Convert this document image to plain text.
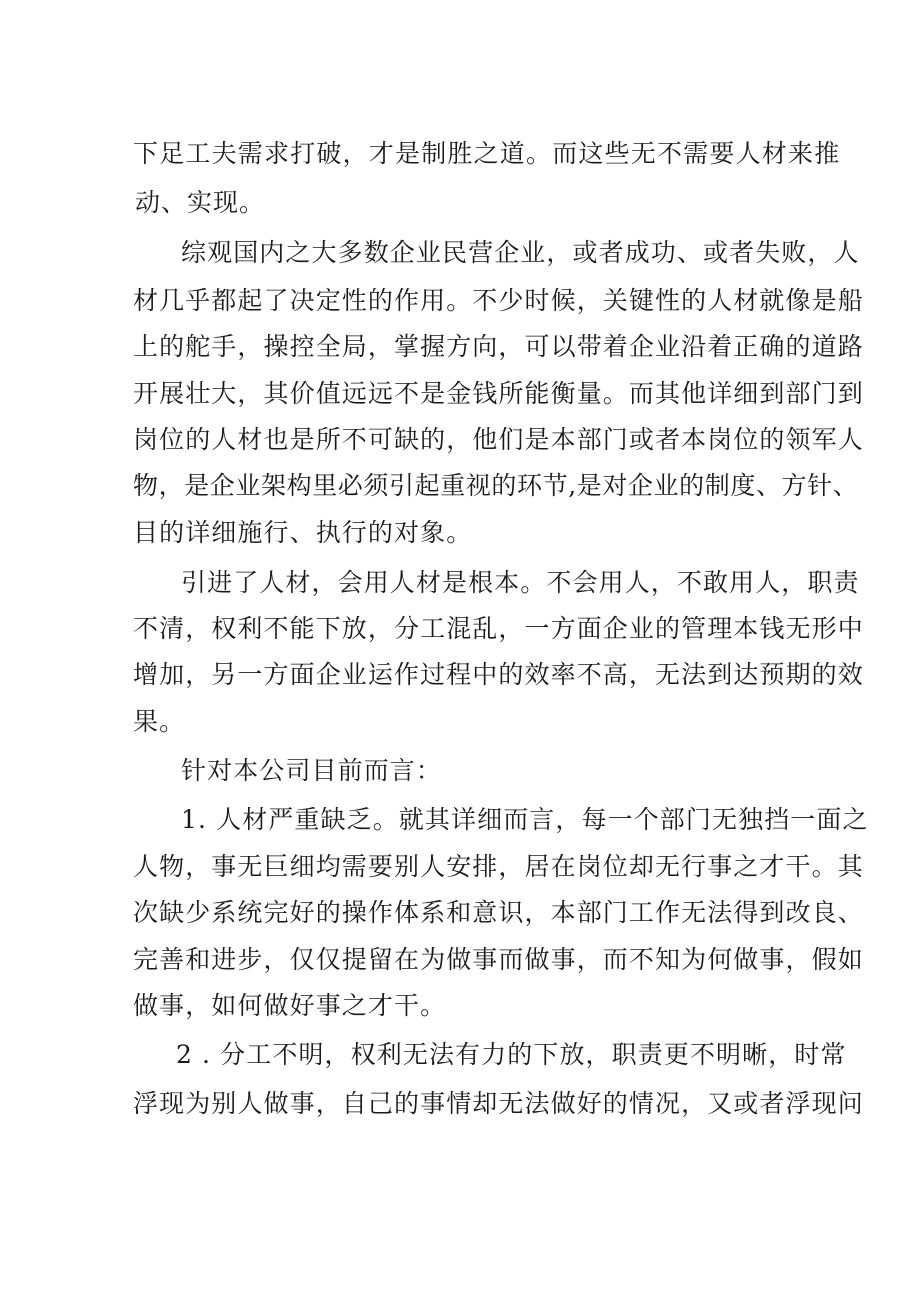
下足工夫需求打破，才是制胜之道。而这些无不需要人材来推
动、实现。
综观国内之大多数企业民营企业，或者成功、或者失败，人
材几乎都起了决定性的作用。不少时候，关键性的人材就像是船
上的舵手，操控全局，掌握方向，可以带着企业沿着正确的道路
开展壮大，其价值远远不是金钱所能衡量。而其他详细到部门到
岗位的人材也是所不可缺的，他们是本部门或者本岗位的领军人
物，是企业架构里必须引起重视的环节,是对企业的制度、方针、
目的详细施行、执行的对象。
引进了人材，会用人材是根本。不会用人，不敢用人，职责
不清，权利不能下放，分工混乱，一方面企业的管理本钱无形中
增加，另一方面企业运作过程中的效率不高，无法到达预期的效
果。
针对本公司目前而言：
1. 人材严重缺乏。就其详细而言，每一个部门无独挡一面之
人物，事无巨细均需要别人安排，居在岗位却无行事之才干。其
次缺少系统完好的操作体系和意识，本部门工作无法得到改良、
完善和进步，仅仅提留在为做事而做事，而不知为何做事，假如
做事，如何做好事之才干。
2 . 分工不明，权利无法有力的下放，职责更不明晰，时常
浮现为别人做事，自己的事情却无法做好的情况，又或者浮现问
